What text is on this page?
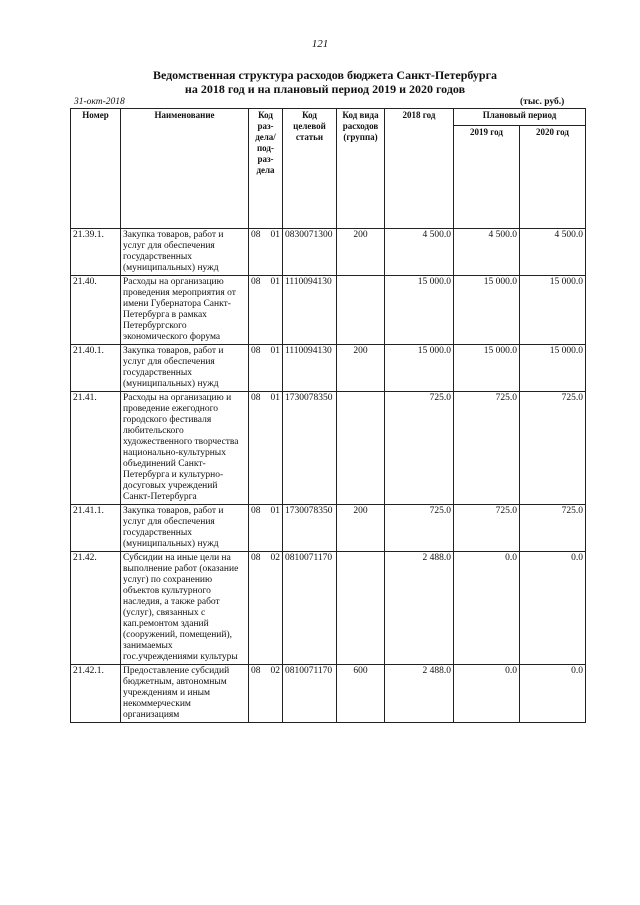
121
Ведомственная структура расходов бюджета Санкт-Петербурга
на 2018 год и на плановый период 2019 и 2020 годов
31-окт-2018	(тыс. руб.)
Номер	Наименование	Код раз- дела/ под- раз- дела	Код целевой статьи	Код вида расходов (группа)	2018 год	Плановый период	
						2019 год	2020 год
21.39.1.	Закупка товаров, работ и услуг для обеспечения государственных (муниципальных) нужд	08 01	0830071300	200	4 500.0	4 500.0	4 500.0
21.40.	Расходы на организацию проведения мероприятия от имени Губернатора Санкт-Петербурга в рамках Петербургского экономического форума	08 01	1110094130		15 000.0	15 000.0	15 000.0
21.40.1.	Закупка товаров, работ и услуг для обеспечения государственных (муниципальных) нужд	08 01	1110094130	200	15 000.0	15 000.0	15 000.0
21.41.	Расходы на организацию и проведение ежегодного городского фестиваля любительского художественного творчества национально-культурных объединений Санкт-Петербурга и культурно-досуговых учреждений Санкт-Петербурга	08 01	1730078350		725.0	725.0	725.0
21.41.1.	Закупка товаров, работ и услуг для обеспечения государственных (муниципальных) нужд	08 01	1730078350	200	725.0	725.0	725.0
21.42.	Субсидии на иные цели на выполнение работ (оказание услуг) по сохранению объектов культурного наследия, а также работ (услуг), связанных с кап.ремонтом зданий (сооружений, помещений), занимаемых гос.учреждениями культуры	08 02	0810071170		2 488.0	0.0	0.0
21.42.1.	Предоставление субсидий бюджетным, автономным учреждениям и иным некоммерческим организациям	08 02	0810071170	600	2 488.0	0.0	0.0
